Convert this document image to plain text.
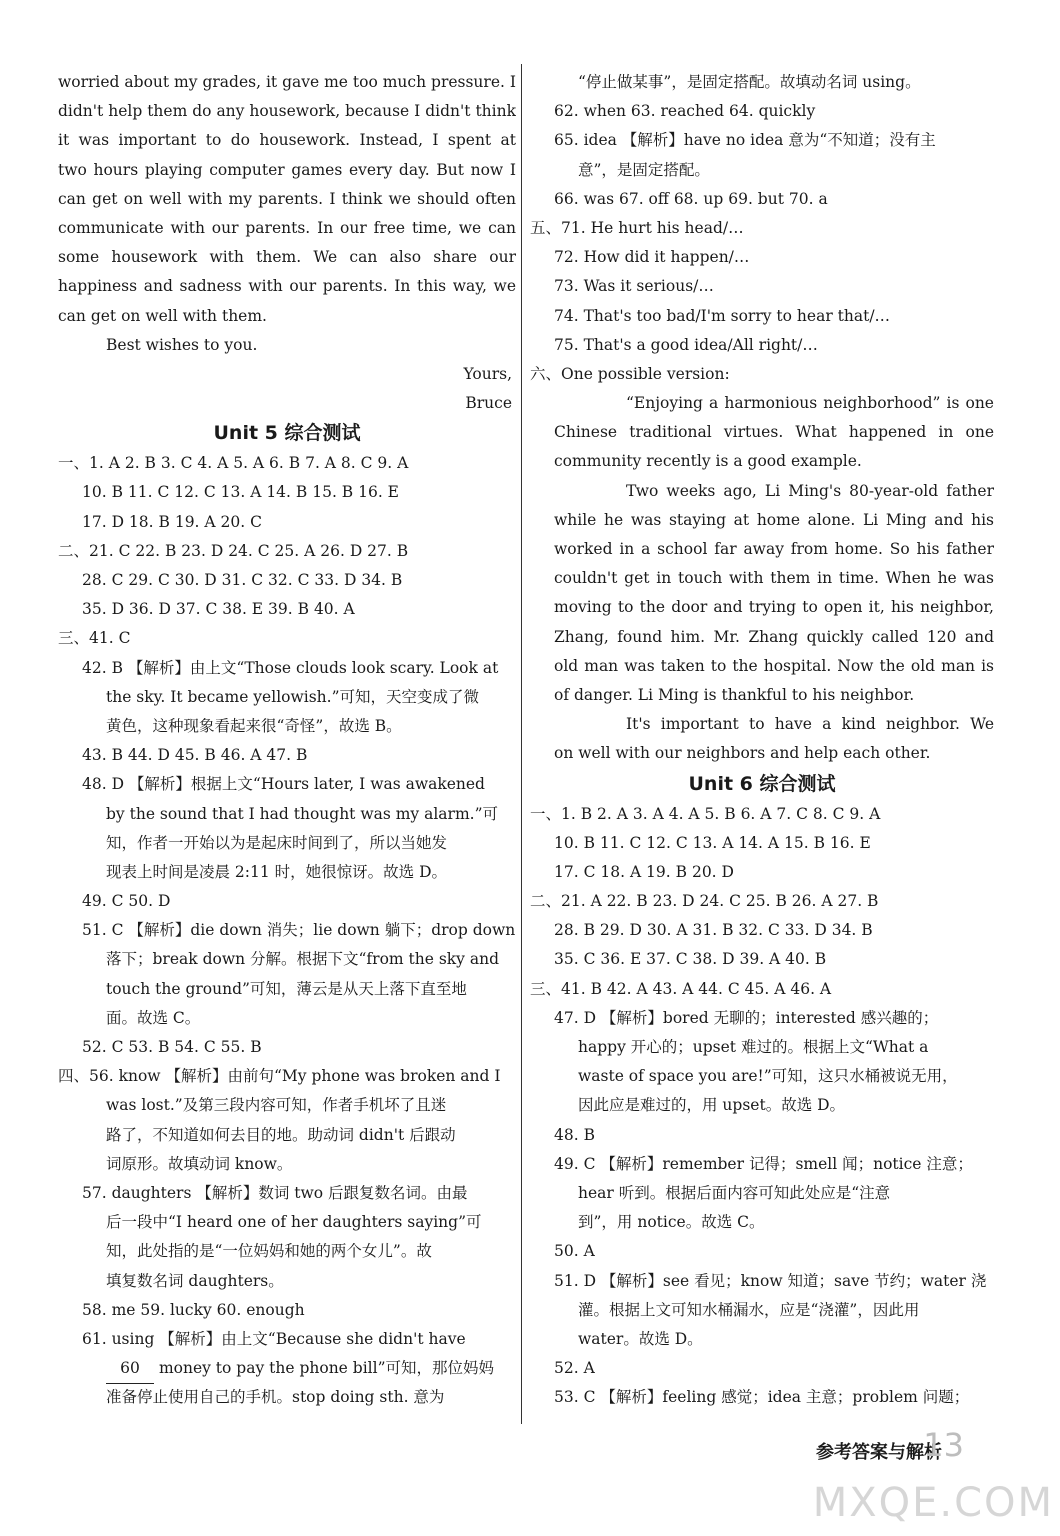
worried about my grades, it gave me too much pressure. I
didn't help them do any housework, because I didn't think
it was important to do housework. Instead, I spent at
two hours playing computer games every day. But now I
can get on well with my parents. I think we should often
communicate with our parents. In our free time, we can
some housework with them. We can also share our
happiness and sadness with our parents. In this way, we
can get on well with them.
Best wishes to you.
Yours,
Bruce
Unit 5 综合测试
一、1. A 2. B 3. C 4. A 5. A 6. B 7. A 8. C 9. A
10. B 11. C 12. C 13. A 14. B 15. B 16. E
17. D 18. B 19. A 20. C
二、21. C 22. B 23. D 24. C 25. A 26. D 27. B
28. C 29. C 30. D 31. C 32. C 33. D 34. B
35. D 36. D 37. C 38. E 39. B 40. A
三、41. C
42. B 【解析】由上文“Those clouds look scary. Look at
the sky. It became yellowish.”可知，天空变成了微
黄色，这种现象看起来很“奇怪”，故选 B。
43. B 44. D 45. B 46. A 47. B
48. D 【解析】根据上文“Hours later, I was awakened
by the sound that I had thought was my alarm.”可
知，作者一开始以为是起床时间到了，所以当她发
现表上时间是凌晨 2:11 时，她很惊讶。故选 D。
49. C 50. D
51. C 【解析】die down 消失；lie down 躺下；drop down
落下；break down 分解。根据下文“from the sky and
touch the ground”可知，薄云是从天上落下直至地
面。故选 C。
52. C 53. B 54. C 55. B
四、56. know 【解析】由前句“My phone was broken and I
was lost.”及第三段内容可知，作者手机坏了且迷
路了，不知道如何去目的地。助动词 didn't 后跟动
词原形。故填动词 know。
57. daughters 【解析】数词 two 后跟复数名词。由最
后一段中“I heard one of her daughters saying”可
知，此处指的是“一位妈妈和她的两个女儿”。故
填复数名词 daughters。
58. me 59. lucky 60. enough
61. using 【解析】由上文“Because she didn't have
60 money to pay the phone bill”可知，那位妈妈
准备停止使用自己的手机。stop doing sth. 意为
“停止做某事”，是固定搭配。故填动名词 using。
62. when 63. reached 64. quickly
65. idea 【解析】have no idea 意为“不知道；没有主
意”，是固定搭配。
66. was 67. off 68. up 69. but 70. a
五、71. He hurt his head/…
72. How did it happen/…
73. Was it serious/…
74. That's too bad/I'm sorry to hear that/…
75. That's a good idea/All right/…
六、One possible version:
“Enjoying a harmonious neighborhood” is one
Chinese traditional virtues. What happened in one
community recently is a good example.
Two weeks ago, Li Ming's 80-year-old father
while he was staying at home alone. Li Ming and his
worked in a school far away from home. So his father
couldn't get in touch with them in time. When he was
moving to the door and trying to open it, his neighbor,
Zhang, found him. Mr. Zhang quickly called 120 and
old man was taken to the hospital. Now the old man is
of danger. Li Ming is thankful to his neighbor.
It's important to have a kind neighbor. We
on well with our neighbors and help each other.
Unit 6 综合测试
一、1. B 2. A 3. A 4. A 5. B 6. A 7. C 8. C 9. A
10. B 11. C 12. C 13. A 14. A 15. B 16. E
17. C 18. A 19. B 20. D
二、21. A 22. B 23. D 24. C 25. B 26. A 27. B
28. B 29. D 30. A 31. B 32. C 33. D 34. B
35. C 36. E 37. C 38. D 39. A 40. B
三、41. B 42. A 43. A 44. C 45. A 46. A
47. D 【解析】bored 无聊的；interested 感兴趣的；
happy 开心的；upset 难过的。根据上文“What a
waste of space you are!”可知，这只水桶被说无用，
因此应是难过的，用 upset。故选 D。
48. B
49. C 【解析】remember 记得；smell 闻；notice 注意；
hear 听到。根据后面内容可知此处应是“注意
到”，用 notice。故选 C。
50. A
51. D 【解析】see 看见；know 知道；save 节约；water 浇
灌。根据上文可知水桶漏水，应是“浇灌”，因此用
water。故选 D。
52. A
53. C 【解析】feeling 感觉；idea 主意；problem 问题；
参考答案与解析
13
MXQE.COM
